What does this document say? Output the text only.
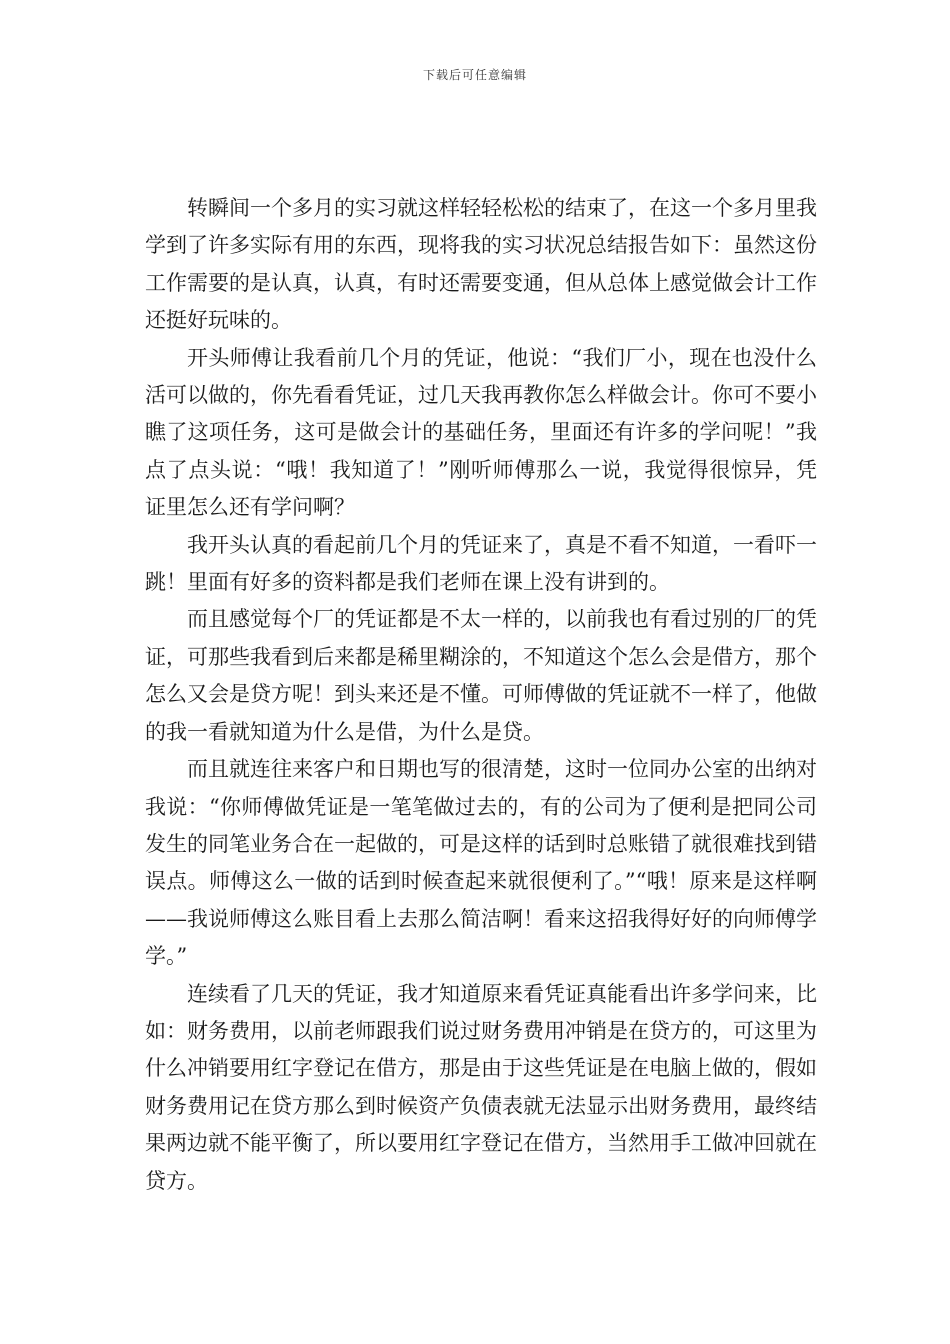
下载后可任意编辑

转瞬间一个多月的实习就这样轻轻松松的结束了，在这一个多月里我学到了许多实际有用的东西，现将我的实习状况总结报告如下：虽然这份工作需要的是认真，认真，有时还需要变通，但从总体上感觉做会计工作还挺好玩味的。

开头师傅让我看前几个月的凭证，他说：“我们厂小，现在也没什么活可以做的，你先看看凭证，过几天我再教你怎么样做会计。你可不要小瞧了这项任务，这可是做会计的基础任务，里面还有许多的学问呢！”我点了点头说：“哦！我知道了！”刚听师傅那么一说，我觉得很惊异，凭证里怎么还有学问啊？

我开头认真的看起前几个月的凭证来了，真是不看不知道，一看吓一跳！里面有好多的资料都是我们老师在课上没有讲到的。

而且感觉每个厂的凭证都是不太一样的，以前我也有看过别的厂的凭证，可那些我看到后来都是稀里糊涂的，不知道这个怎么会是借方，那个怎么又会是贷方呢！到头来还是不懂。可师傅做的凭证就不一样了，他做的我一看就知道为什么是借，为什么是贷。

而且就连往来客户和日期也写的很清楚，这时一位同办公室的出纳对我说：“你师傅做凭证是一笔笔做过去的，有的公司为了便利是把同公司发生的同笔业务合在一起做的，可是这样的话到时总账错了就很难找到错误点。师傅这么一做的话到时候查起来就很便利了。”“哦！原来是这样啊——我说师傅这么账目看上去那么简洁啊！看来这招我得好好的向师傅学学。”

连续看了几天的凭证，我才知道原来看凭证真能看出许多学问来，比如：财务费用，以前老师跟我们说过财务费用冲销是在贷方的，可这里为什么冲销要用红字登记在借方，那是由于这些凭证是在电脑上做的，假如财务费用记在贷方那么到时候资产负债表就无法显示出财务费用，最终结果两边就不能平衡了，所以要用红字登记在借方，当然用手工做冲回就在贷方。
